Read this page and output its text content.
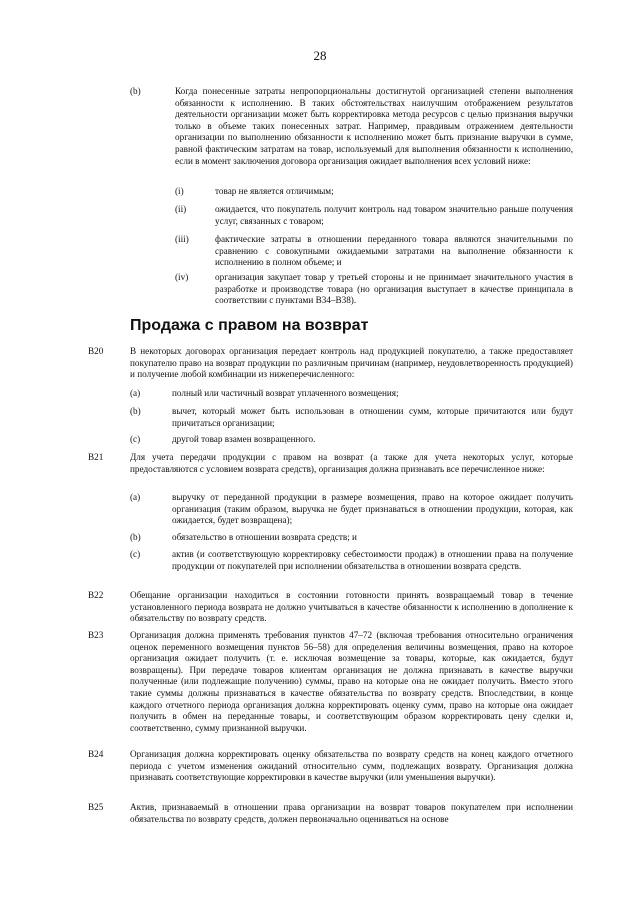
28
(b)	Когда понесенные затраты непропорциональны достигнутой организацией степени выполнения обязанности к исполнению. В таких обстоятельствах наилучшим отображением результатов деятельности организации может быть корректировка метода ресурсов с целью признания выручки только в объеме таких понесенных затрат. Например, правдивым отражением деятельности организации по выполнению обязанности к исполнению может быть признание выручки в сумме, равной фактическим затратам на товар, используемый для выполнения обязанности к исполнению, если в момент заключения договора организация ожидает выполнения всех условий ниже:
(i)	товар не является отличимым;
(ii)	ожидается, что покупатель получит контроль над товаром значительно раньше получения услуг, связанных с товаром;
(iii)	фактические затраты в отношении переданного товара являются значительными по сравнению с совокупными ожидаемыми затратами на выполнение обязанности к исполнению в полном объеме; и
(iv)	организация закупает товар у третьей стороны и не принимает значительного участия в разработке и производстве товара (но организация выступает в качестве принципала в соответствии с пунктами B34–B38).
Продажа с правом на возврат
B20	В некоторых договорах организация передает контроль над продукцией покупателю, а также предоставляет покупателю право на возврат продукции по различным причинам (например, неудовлетворенность продукцией) и получение любой комбинации из нижеперечисленного:
(a)	полный или частичный возврат уплаченного возмещения;
(b)	вычет, который может быть использован в отношении сумм, которые причитаются или будут причитаться организации;
(c)	другой товар взамен возвращенного.
B21	Для учета передачи продукции с правом на возврат (а также для учета некоторых услуг, которые предоставляются с условием возврата средств), организация должна признавать все перечисленное ниже:
(a)	выручку от переданной продукции в размере возмещения, право на которое ожидает получить организация (таким образом, выручка не будет признаваться в отношении продукции, которая, как ожидается, будет возвращена);
(b)	обязательство в отношении возврата средств; и
(c)	актив (и соответствующую корректировку себестоимости продаж) в отношении права на получение продукции от покупателей при исполнении обязательства в отношении возврата средств.
B22	Обещание организации находиться в состоянии готовности принять возвращаемый товар в течение установленного периода возврата не должно учитываться в качестве обязанности к исполнению в дополнение к обязательству по возврату средств.
B23	Организация должна применять требования пунктов 47–72 (включая требования относительно ограничения оценок переменного возмещения пунктов 56–58) для определения величины возмещения, право на которое организация ожидает получить (т. е. исключая возмещение за товары, которые, как ожидается, будут возвращены). При передаче товаров клиентам организация не должна признавать в качестве выручки полученные (или подлежащие получению) суммы, право на которые она не ожидает получить. Вместо этого такие суммы должны признаваться в качестве обязательства по возврату средств. Впоследствии, в конце каждого отчетного периода организация должна корректировать оценку сумм, право на которые она ожидает получить в обмен на переданные товары, и соответствующим образом корректировать цену сделки и, соответственно, сумму признанной выручки.
B24	Организация должна корректировать оценку обязательства по возврату средств на конец каждого отчетного периода с учетом изменения ожиданий относительно сумм, подлежащих возврату. Организация должна признавать соответствующие корректировки в качестве выручки (или уменьшения выручки).
B25	Актив, признаваемый в отношении права организации на возврат товаров покупателем при исполнении обязательства по возврату средств, должен первоначально оцениваться на основе
